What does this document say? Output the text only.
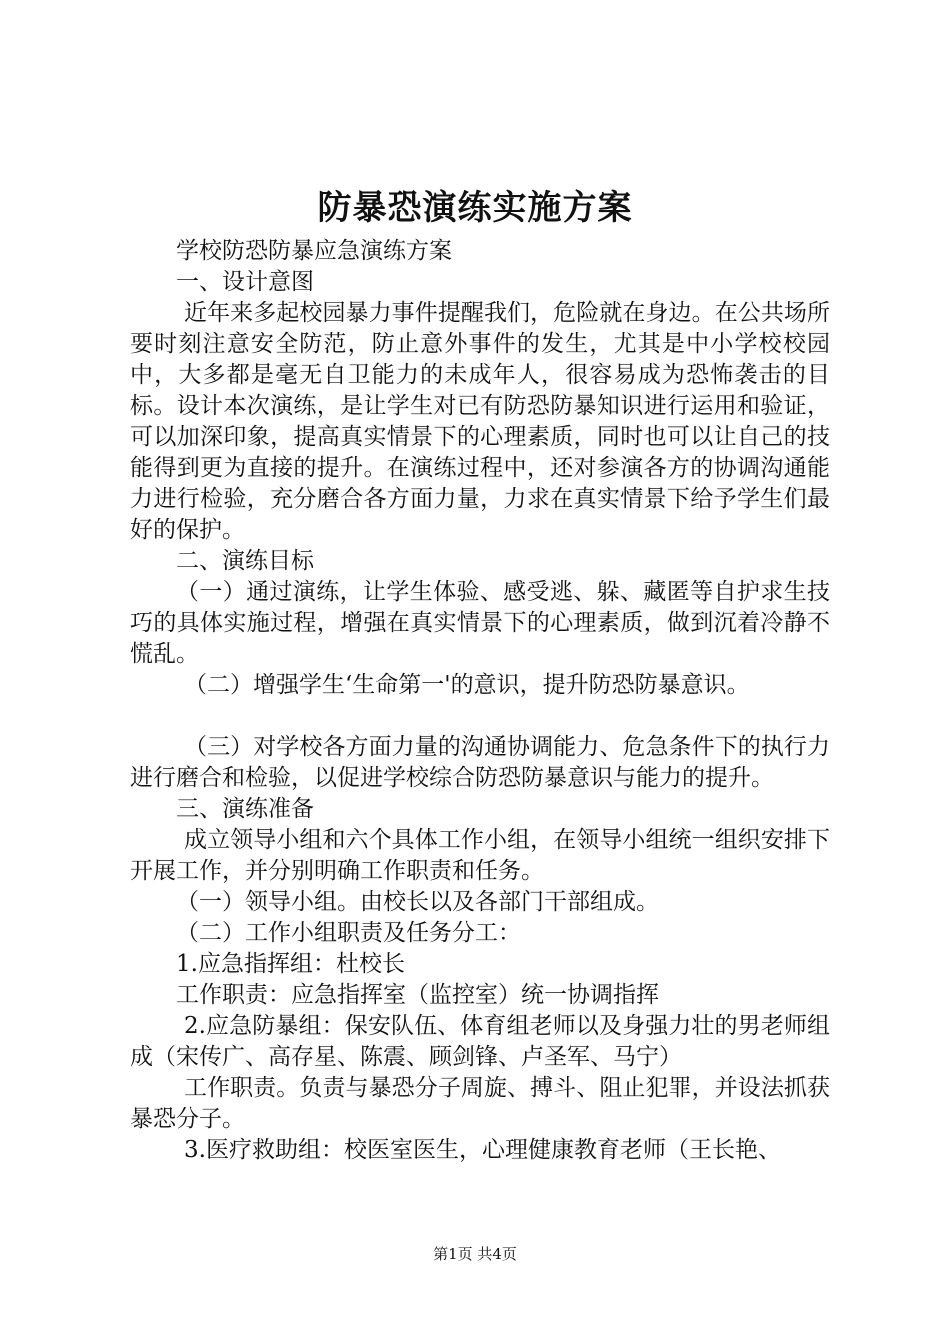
防暴恐演练实施方案

学校防恐防暴应急演练方案

一、设计意图

近年来多起校园暴力事件提醒我们，危险就在身边。在公共场所要时刻注意安全防范，防止意外事件的发生，尤其是中小学校校园中，大多都是毫无自卫能力的未成年人，很容易成为恐怖袭击的目标。设计本次演练，是让学生对已有防恐防暴知识进行运用和验证，可以加深印象，提高真实情景下的心理素质，同时也可以让自己的技能得到更为直接的提升。在演练过程中，还对参演各方的协调沟通能力进行检验，充分磨合各方面力量，力求在真实情景下给予学生们最好的保护。

二、演练目标

（一）通过演练，让学生体验、感受逃、躲、藏匿等自护求生技巧的具体实施过程，增强在真实情景下的心理素质，做到沉着冷静不慌乱。

（二）增强学生‘生命第一'的意识，提升防恐防暴意识。

（三）对学校各方面力量的沟通协调能力、危急条件下的执行力进行磨合和检验，以促进学校综合防恐防暴意识与能力的提升。

三、演练准备

成立领导小组和六个具体工作小组，在领导小组统一组织安排下开展工作，并分别明确工作职责和任务。

（一）领导小组。由校长以及各部门干部组成。

（二）工作小组职责及任务分工：

1.应急指挥组：杜校长

工作职责：应急指挥室（监控室）统一协调指挥

2.应急防暴组：保安队伍、体育组老师以及身强力壮的男老师组成（宋传广、高存星、陈震、顾剑锋、卢圣军、马宁）

工作职责。负责与暴恐分子周旋、搏斗、阻止犯罪，并设法抓获暴恐分子。

3.医疗救助组：校医室医生，心理健康教育老师（王长艳、

第1页 共4页
